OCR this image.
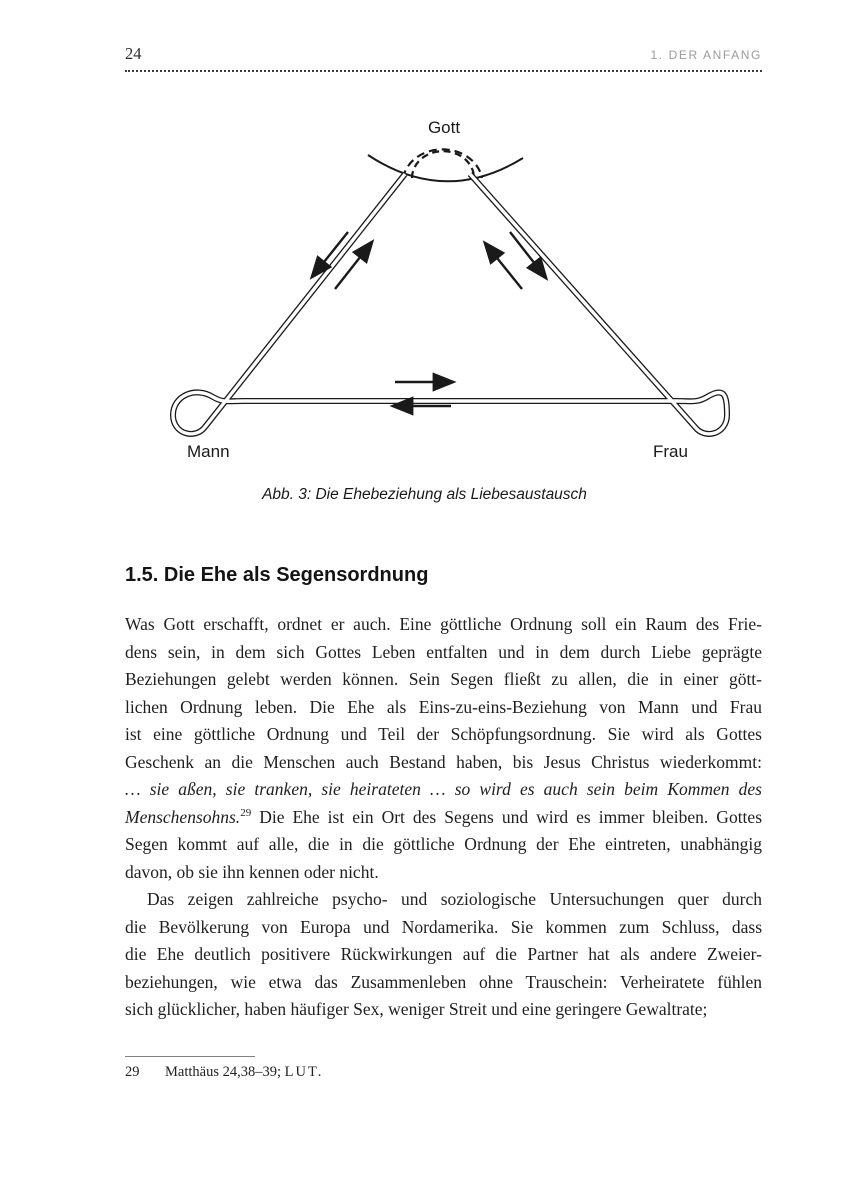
24	1. DER ANFANG
Gott
Mann	Frau
Abb. 3: Die Ehebeziehung als Liebesaustausch
1.5. Die Ehe als Segensordnung
Was Gott erschafft, ordnet er auch. Eine göttliche Ordnung soll ein Raum des Frie-
dens sein, in dem sich Gottes Leben entfalten und in dem durch Liebe geprägte
Beziehungen gelebt werden können. Sein Segen fließt zu allen, die in einer gött-
lichen Ordnung leben. Die Ehe als Eins-zu-eins-Beziehung von Mann und Frau
ist eine göttliche Ordnung und Teil der Schöpfungsordnung. Sie wird als Gottes
Geschenk an die Menschen auch Bestand haben, bis Jesus Christus wiederkommt:
… sie aßen, sie tranken, sie heirateten … so wird es auch sein beim Kommen des
Menschensohns.$^{29}$ Die Ehe ist ein Ort des Segens und wird es immer bleiben. Gottes
Segen kommt auf alle, die in die göttliche Ordnung der Ehe eintreten, unabhängig
davon, ob sie ihn kennen oder nicht.
Das zeigen zahlreiche psycho- und soziologische Untersuchungen quer durch
die Bevölkerung von Europa und Nordamerika. Sie kommen zum Schluss, dass
die Ehe deutlich positivere Rückwirkungen auf die Partner hat als andere Zweier-
beziehungen, wie etwa das Zusammenleben ohne Trauschein: Verheiratete fühlen
sich glücklicher, haben häufiger Sex, weniger Streit und eine geringere Gewaltrate;
29 Matthäus 24,38–39; LUT.
